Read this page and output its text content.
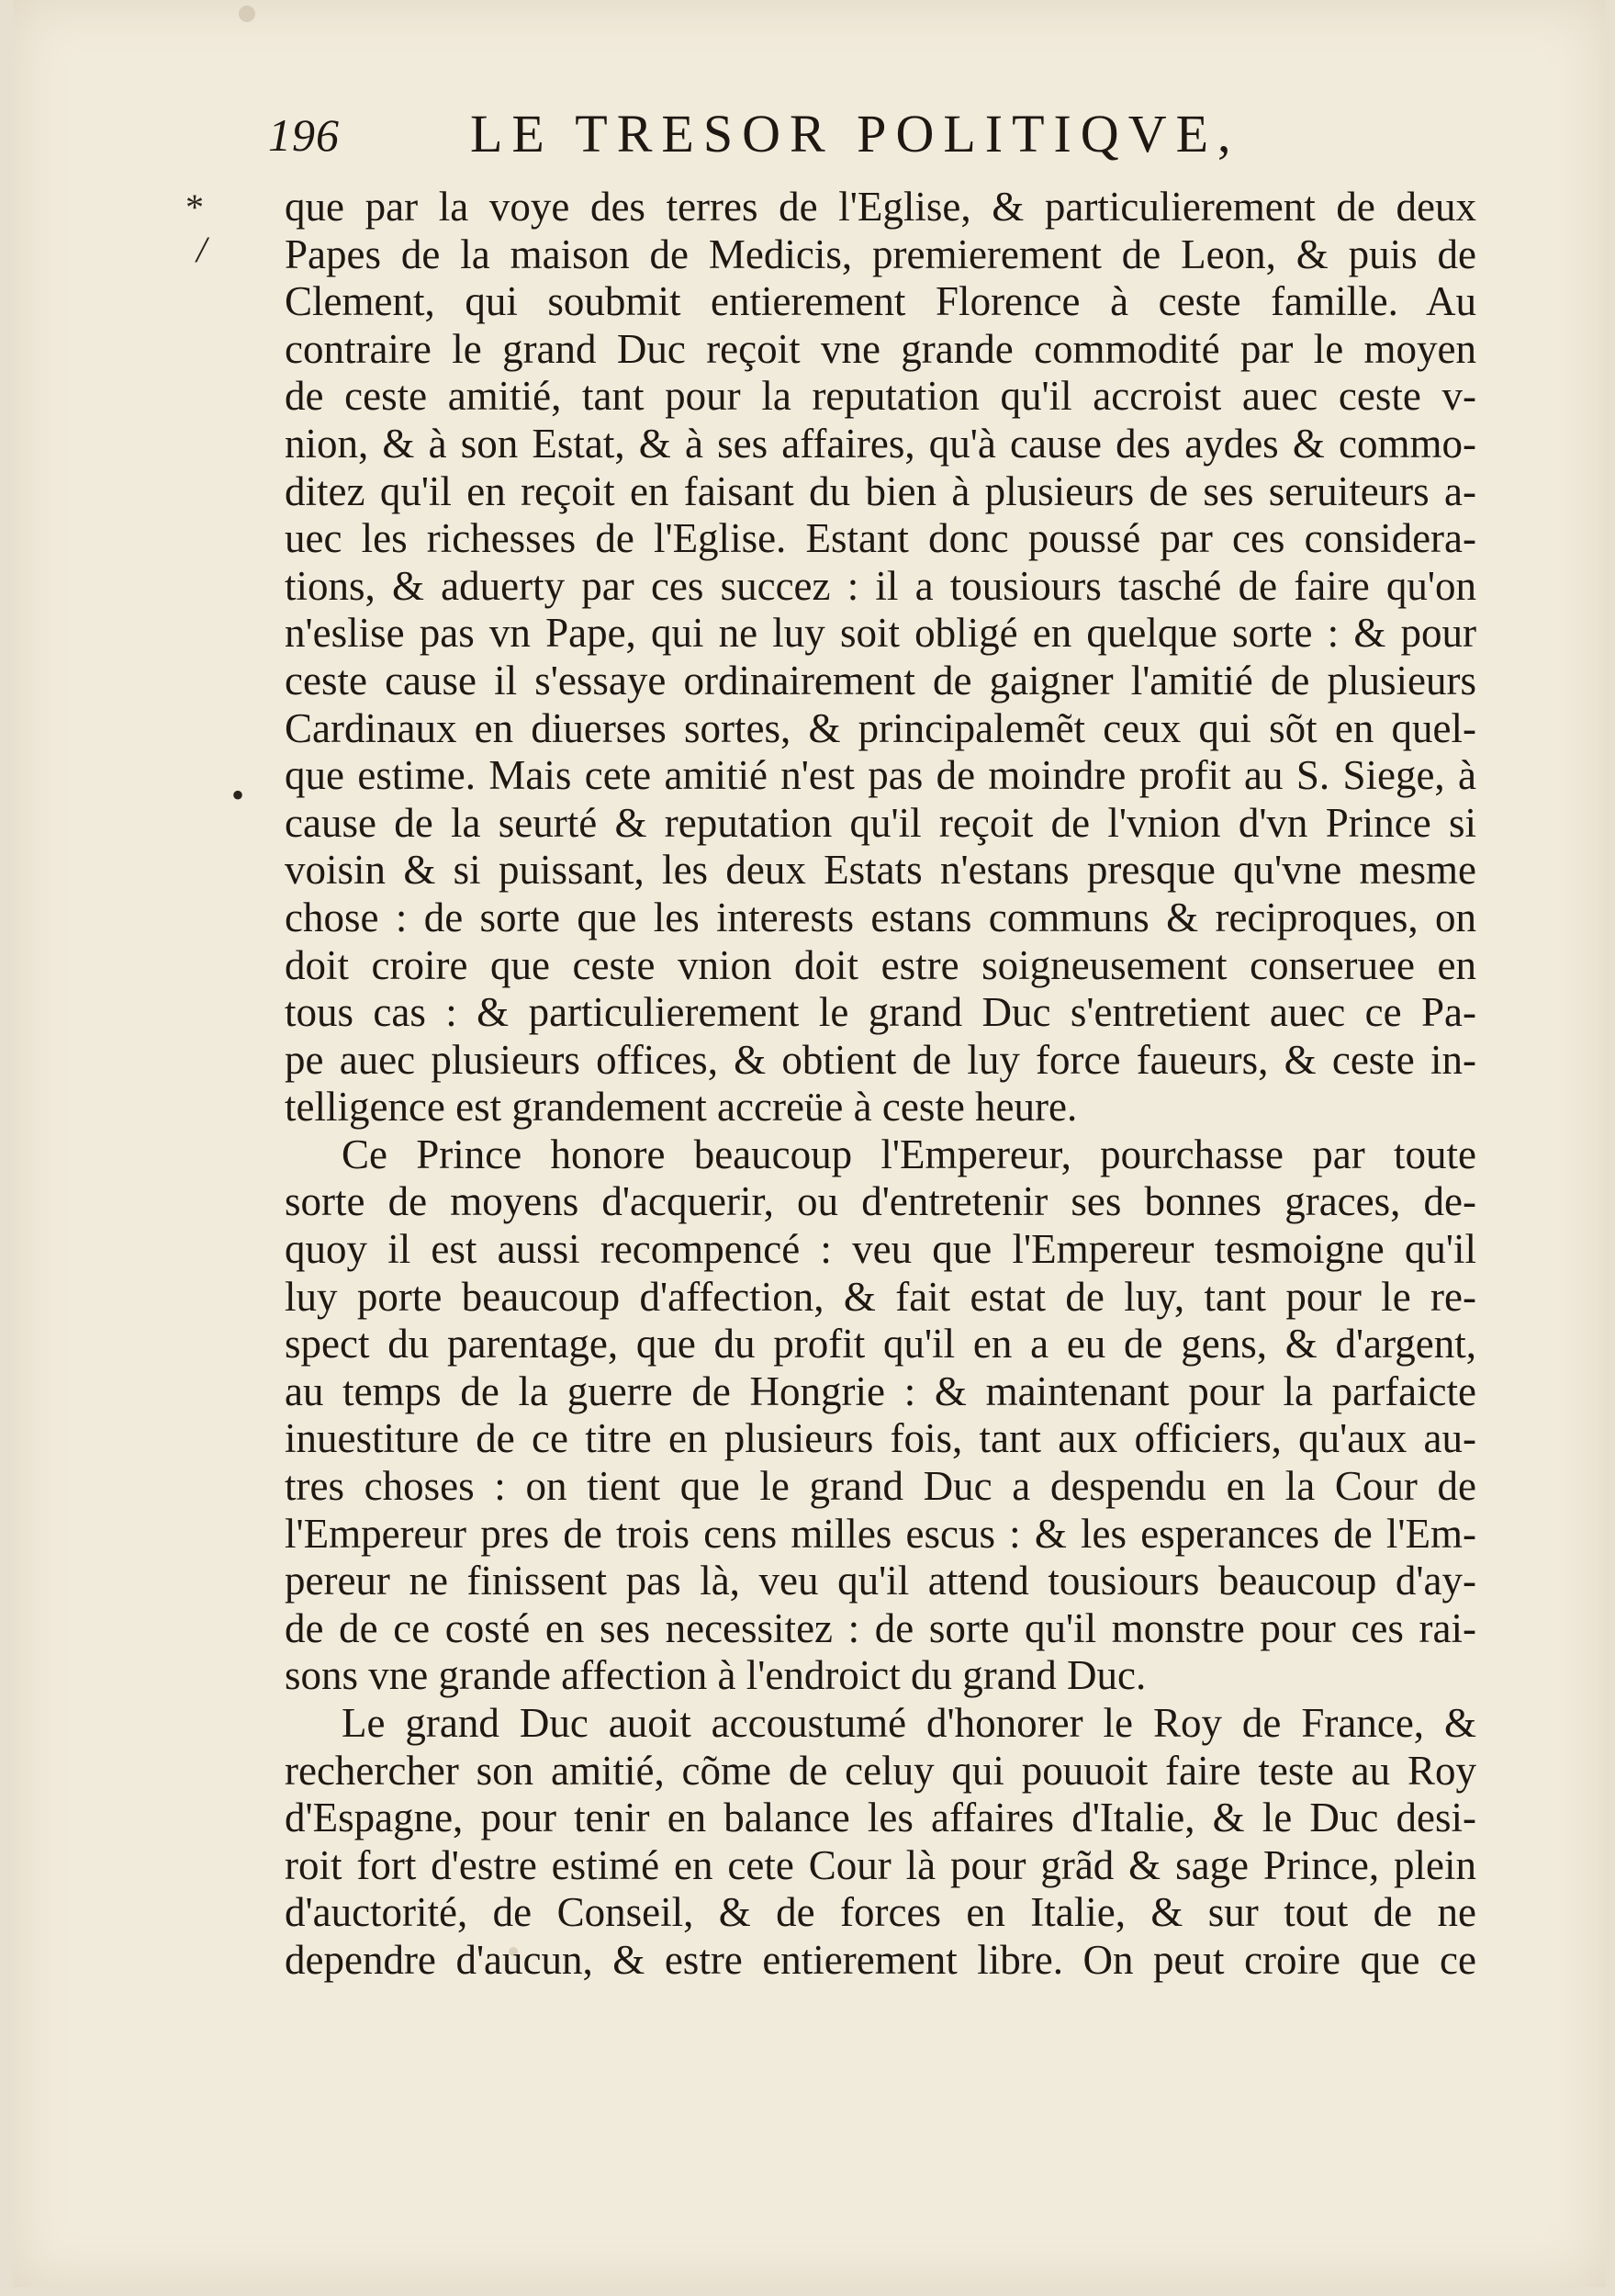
196 LE TRESOR POLITIQVE,
*
/
•
que par la voye des terres de l'Eglise, & particulierement de deux
Papes de la maison de Medicis, premierement de Leon, & puis de
Clement, qui soubmit entierement Florence à ceste famille. Au
contraire le grand Duc reçoit vne grande commodité par le moyen
de ceste amitié, tant pour la reputation qu'il accroist auec ceste v-
nion, & à son Estat, & à ses affaires, qu'à cause des aydes & commo-
ditez qu'il en reçoit en faisant du bien à plusieurs de ses seruiteurs a-
uec les richesses de l'Eglise. Estant donc poussé par ces considera-
tions, & aduerty par ces succez : il a tousiours tasché de faire qu'on
n'eslise pas vn Pape, qui ne luy soit obligé en quelque sorte : & pour
ceste cause il s'essaye ordinairement de gaigner l'amitié de plusieurs
Cardinaux en diuerses sortes, & principalemẽt ceux qui sõt en quel-
que estime. Mais cete amitié n'est pas de moindre profit au S. Siege, à
cause de la seurté & reputation qu'il reçoit de l'vnion d'vn Prince si
voisin & si puissant, les deux Estats n'estans presque qu'vne mesme
chose : de sorte que les interests estans communs & reciproques, on
doit croire que ceste vnion doit estre soigneusement conseruee en
tous cas : & particulierement le grand Duc s'entretient auec ce Pa-
pe auec plusieurs offices, & obtient de luy force faueurs, & ceste in-
telligence est grandement accreüe à ceste heure.
Ce Prince honore beaucoup l'Empereur, pourchasse par toute
sorte de moyens d'acquerir, ou d'entretenir ses bonnes graces, de-
quoy il est aussi recompencé : veu que l'Empereur tesmoigne qu'il
luy porte beaucoup d'affection, & fait estat de luy, tant pour le re-
spect du parentage, que du profit qu'il en a eu de gens, & d'argent,
au temps de la guerre de Hongrie : & maintenant pour la parfaicte
inuestiture de ce titre en plusieurs fois, tant aux officiers, qu'aux au-
tres choses : on tient que le grand Duc a despendu en la Cour de
l'Empereur pres de trois cens milles escus : & les esperances de l'Em-
pereur ne finissent pas là, veu qu'il attend tousiours beaucoup d'ay-
de de ce costé en ses necessitez : de sorte qu'il monstre pour ces rai-
sons vne grande affection à l'endroict du grand Duc.
Le grand Duc auoit accoustumé d'honorer le Roy de France, &
rechercher son amitié, cõme de celuy qui pouuoit faire teste au Roy
d'Espagne, pour tenir en balance les affaires d'Italie, & le Duc desi-
roit fort d'estre estimé en cete Cour là pour grãd & sage Prince, plein
d'auctorité, de Conseil, & de forces en Italie, & sur tout de ne
dependre d'aucun, & estre entierement libre. On peut croire que ce
